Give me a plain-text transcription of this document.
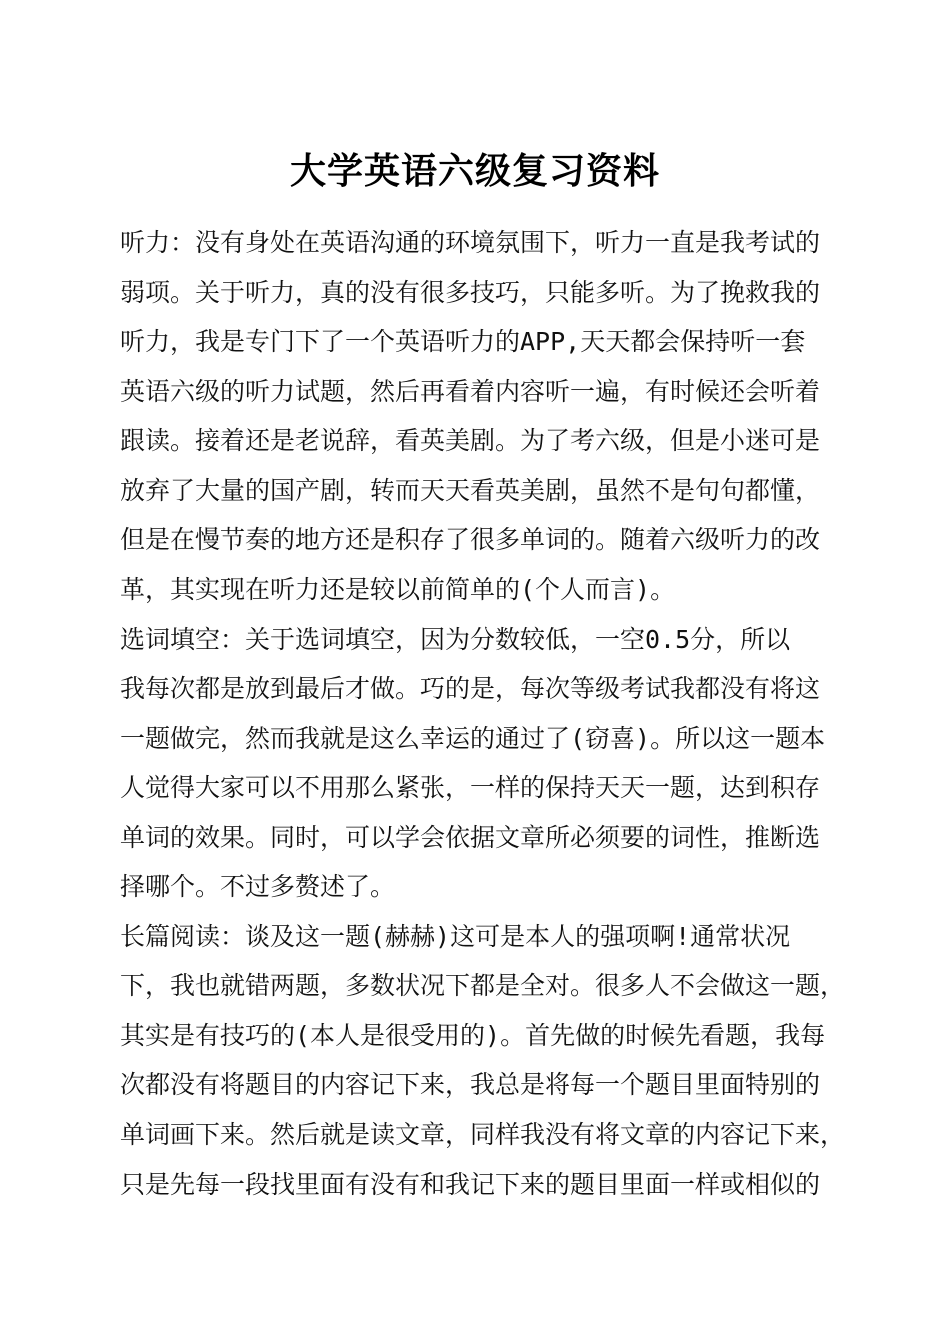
大学英语六级复习资料
听力：没有身处在英语沟通的环境氛围下，听力一直是我考试的
弱项。关于听力，真的没有很多技巧，只能多听。为了挽救我的
听力，我是专门下了一个英语听力的APP,天天都会保持听一套
英语六级的听力试题，然后再看着内容听一遍，有时候还会听着
跟读。接着还是老说辞，看英美剧。为了考六级，但是小迷可是
放弃了大量的国产剧，转而天天看英美剧，虽然不是句句都懂，
但是在慢节奏的地方还是积存了很多单词的。随着六级听力的改
革，其实现在听力还是较以前简单的(个人而言)。
选词填空：关于选词填空，因为分数较低，一空0.5分，所以
我每次都是放到最后才做。巧的是，每次等级考试我都没有将这
一题做完，然而我就是这么幸运的通过了(窃喜)。所以这一题本
人觉得大家可以不用那么紧张，一样的保持天天一题，达到积存
单词的效果。同时，可以学会依据文章所必须要的词性，推断选
择哪个。不过多赘述了。
长篇阅读：谈及这一题(赫赫)这可是本人的强项啊!通常状况
下，我也就错两题，多数状况下都是全对。很多人不会做这一题，
其实是有技巧的(本人是很受用的)。首先做的时候先看题，我每
次都没有将题目的内容记下来，我总是将每一个题目里面特别的
单词画下来。然后就是读文章，同样我没有将文章的内容记下来，
只是先每一段找里面有没有和我记下来的题目里面一样或相似的
